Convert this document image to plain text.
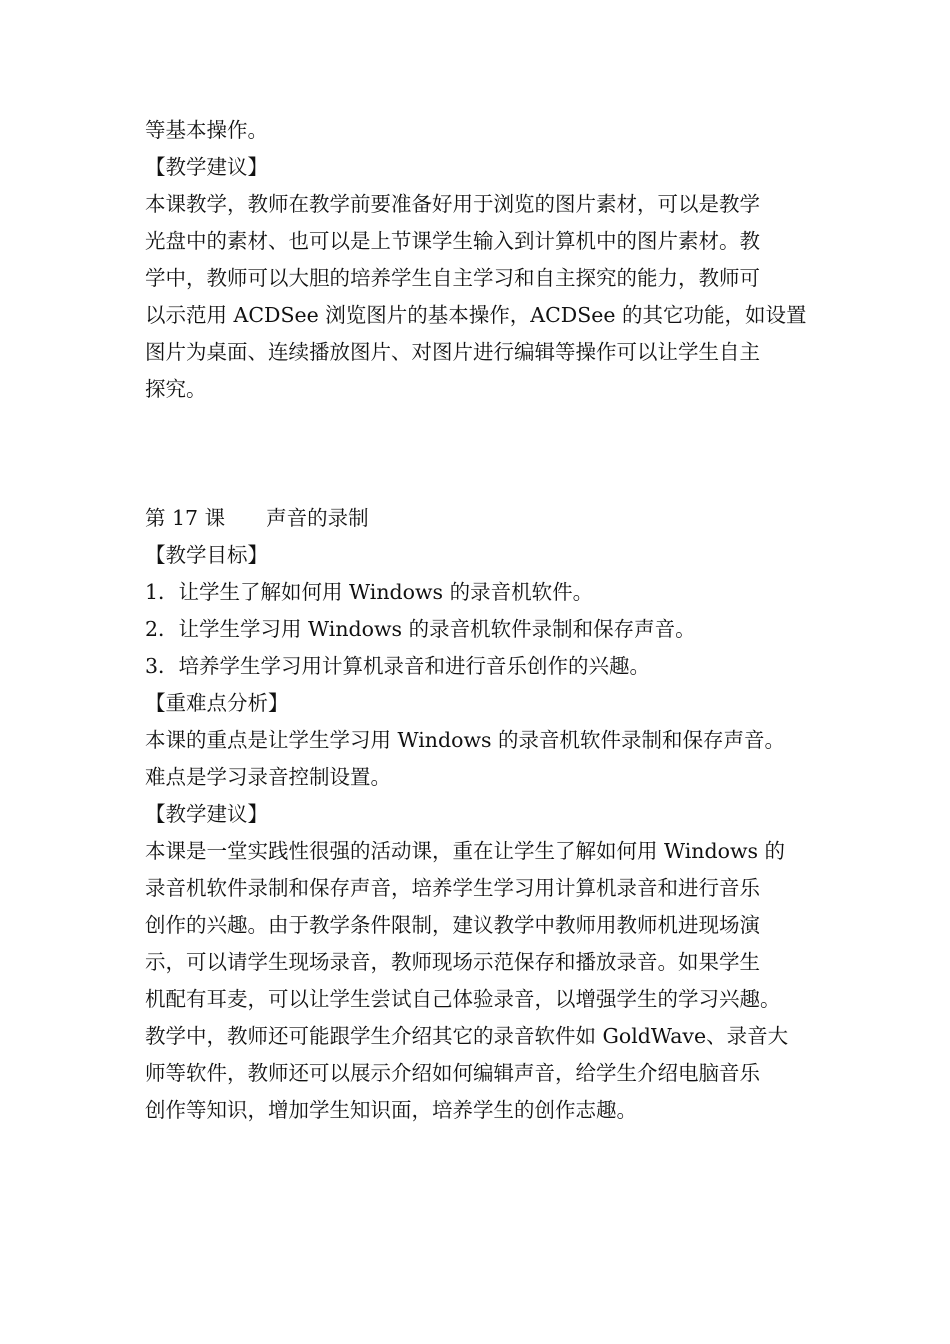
等基本操作。
【教学建议】
本课教学，教师在教学前要准备好用于浏览的图片素材，可以是教学
光盘中的素材、也可以是上节课学生输入到计算机中的图片素材。教
学中，教师可以大胆的培养学生自主学习和自主探究的能力，教师可
以示范用 ACDSee 浏览图片的基本操作，ACDSee 的其它功能，如设置
图片为桌面、连续播放图片、对图片进行编辑等操作可以让学生自主
探究。
第 17 课　　声音的录制
【教学目标】
1．让学生了解如何用 Windows 的录音机软件。
2．让学生学习用 Windows 的录音机软件录制和保存声音。
3．培养学生学习用计算机录音和进行音乐创作的兴趣。
【重难点分析】
本课的重点是让学生学习用 Windows 的录音机软件录制和保存声音。
难点是学习录音控制设置。
【教学建议】
本课是一堂实践性很强的活动课，重在让学生了解如何用 Windows 的
录音机软件录制和保存声音，培养学生学习用计算机录音和进行音乐
创作的兴趣。由于教学条件限制，建议教学中教师用教师机进现场演
示，可以请学生现场录音，教师现场示范保存和播放录音。如果学生
机配有耳麦，可以让学生尝试自己体验录音，以增强学生的学习兴趣。
教学中，教师还可能跟学生介绍其它的录音软件如 GoldWave、录音大
师等软件，教师还可以展示介绍如何编辑声音，给学生介绍电脑音乐
创作等知识，增加学生知识面，培养学生的创作志趣。
